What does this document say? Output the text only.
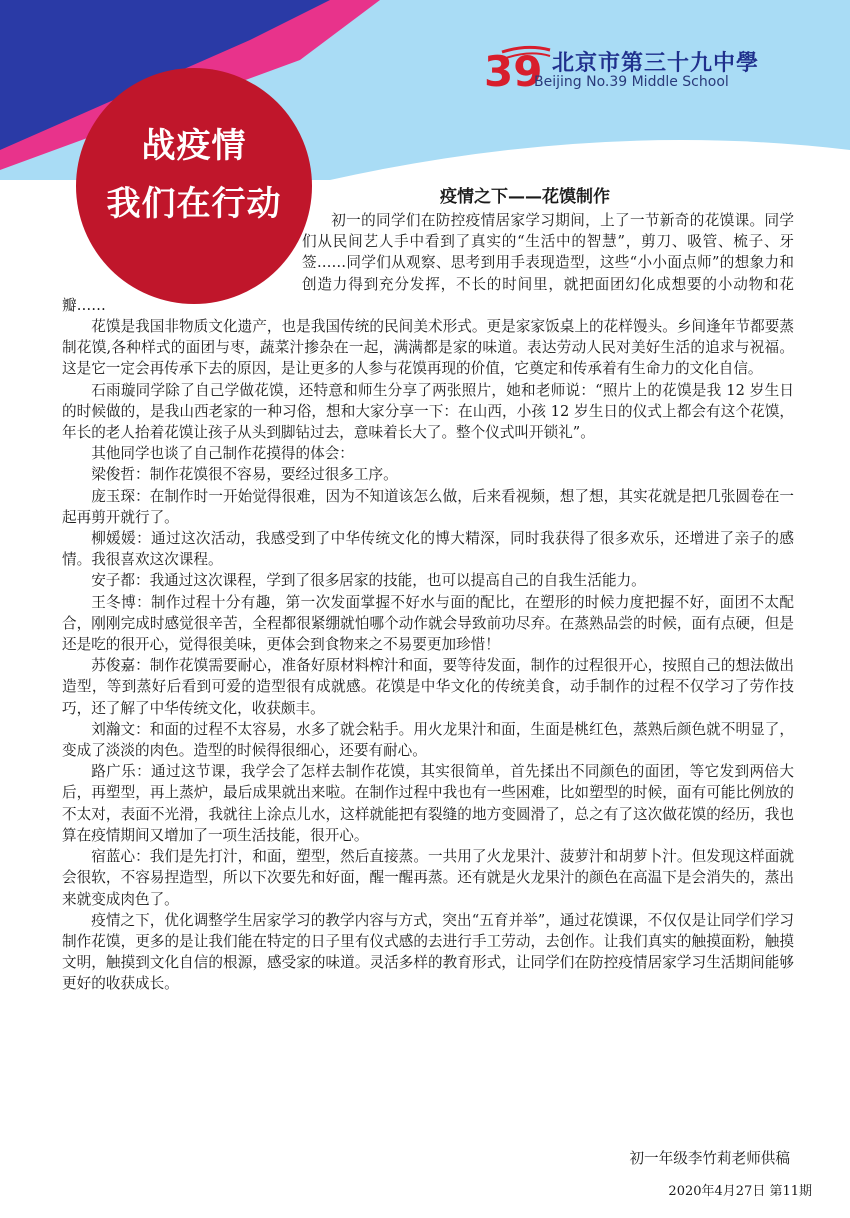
39 北京市第三十九中學
Beijing No.39 Middle School
战疫情
我们在行动	疫情之下——花馍制作

初一的同学们在防控疫情居家学习期间，上了一节新奇的花馍课。同学们从民间艺人手中看到了真实的“生活中的智慧”，剪刀、吸管、梳子、牙签……同学们从观察、思考到用手表现造型，这些“小小面点师”的想象力和创造力得到充分发挥，不长的时间里，就把面团幻化成想要的小动物和花瓣……

花馍是我国非物质文化遗产，也是我国传统的民间美术形式。更是家家饭桌上的花样馒头。乡间逢年节都要蒸制花馍,各种样式的面团与枣，蔬菜汁掺杂在一起，满满都是家的味道。表达劳动人民对美好生活的追求与祝福。这是它一定会再传承下去的原因，是让更多的人参与花馍再现的价值，它奠定和传承着有生命力的文化自信。

石雨璇同学除了自己学做花馍，还特意和师生分享了两张照片，她和老师说：“照片上的花馍是我 12 岁生日的时候做的，是我山西老家的一种习俗，想和大家分享一下：在山西，小孩 12 岁生日的仪式上都会有这个花馍，年长的老人抬着花馍让孩子从头到脚钻过去，意味着长大了。整个仪式叫开锁礼”。

其他同学也谈了自己制作花摸得的体会：

梁俊哲：制作花馍很不容易，要经过很多工序。

庞玉琛：在制作时一开始觉得很难，因为不知道该怎么做，后来看视频，想了想，其实花就是把几张圆卷在一起再剪开就行了。

柳媛媛：通过这次活动，我感受到了中华传统文化的博大精深，同时我获得了很多欢乐，还增进了亲子的感情。我很喜欢这次课程。

安子都：我通过这次课程，学到了很多居家的技能，也可以提高自己的自我生活能力。

王冬博：制作过程十分有趣，第一次发面掌握不好水与面的配比，在塑形的时候力度把握不好，面团不太配合，刚刚完成时感觉很辛苦，全程都很紧绷就怕哪个动作就会导致前功尽弃。在蒸熟品尝的时候，面有点硬，但是还是吃的很开心，觉得很美味，更体会到食物来之不易要更加珍惜！

苏俊嘉：制作花馍需要耐心，准备好原材料榨汁和面，要等待发面，制作的过程很开心，按照自己的想法做出造型，等到蒸好后看到可爱的造型很有成就感。花馍是中华文化的传统美食，动手制作的过程不仅学习了劳作技巧，还了解了中华传统文化，收获颇丰。

刘瀚文：和面的过程不太容易，水多了就会粘手。用火龙果汁和面，生面是桃红色，蒸熟后颜色就不明显了，变成了淡淡的肉色。造型的时候得很细心，还要有耐心。

路广乐：通过这节课，我学会了怎样去制作花馍，其实很简单，首先揉出不同颜色的面团，等它发到两倍大后，再塑型，再上蒸炉，最后成果就出来啦。在制作过程中我也有一些困难，比如塑型的时候，面有可能比例放的不太对，表面不光滑，我就往上涂点儿水，这样就能把有裂缝的地方变圆滑了，总之有了这次做花馍的经历，我也算在疫情期间又增加了一项生活技能，很开心。

宿蓝心：我们是先打汁，和面，塑型，然后直接蒸。一共用了火龙果汁、菠萝汁和胡萝卜汁。但发现这样面就会很软，不容易捏造型，所以下次要先和好面，醒一醒再蒸。还有就是火龙果汁的颜色在高温下是会消失的，蒸出来就变成肉色了。

疫情之下，优化调整学生居家学习的教学内容与方式，突出“五育并举”，通过花馍课，不仅仅是让同学们学习制作花馍，更多的是让我们能在特定的日子里有仪式感的去进行手工劳动，去创作。让我们真实的触摸面粉，触摸文明，触摸到文化自信的根源，感受家的味道。灵活多样的教育形式，让同学们在防控疫情居家学习生活期间能够更好的收获成长。

初一年级李竹莉老师供稿
2020年4月27日 第11期
